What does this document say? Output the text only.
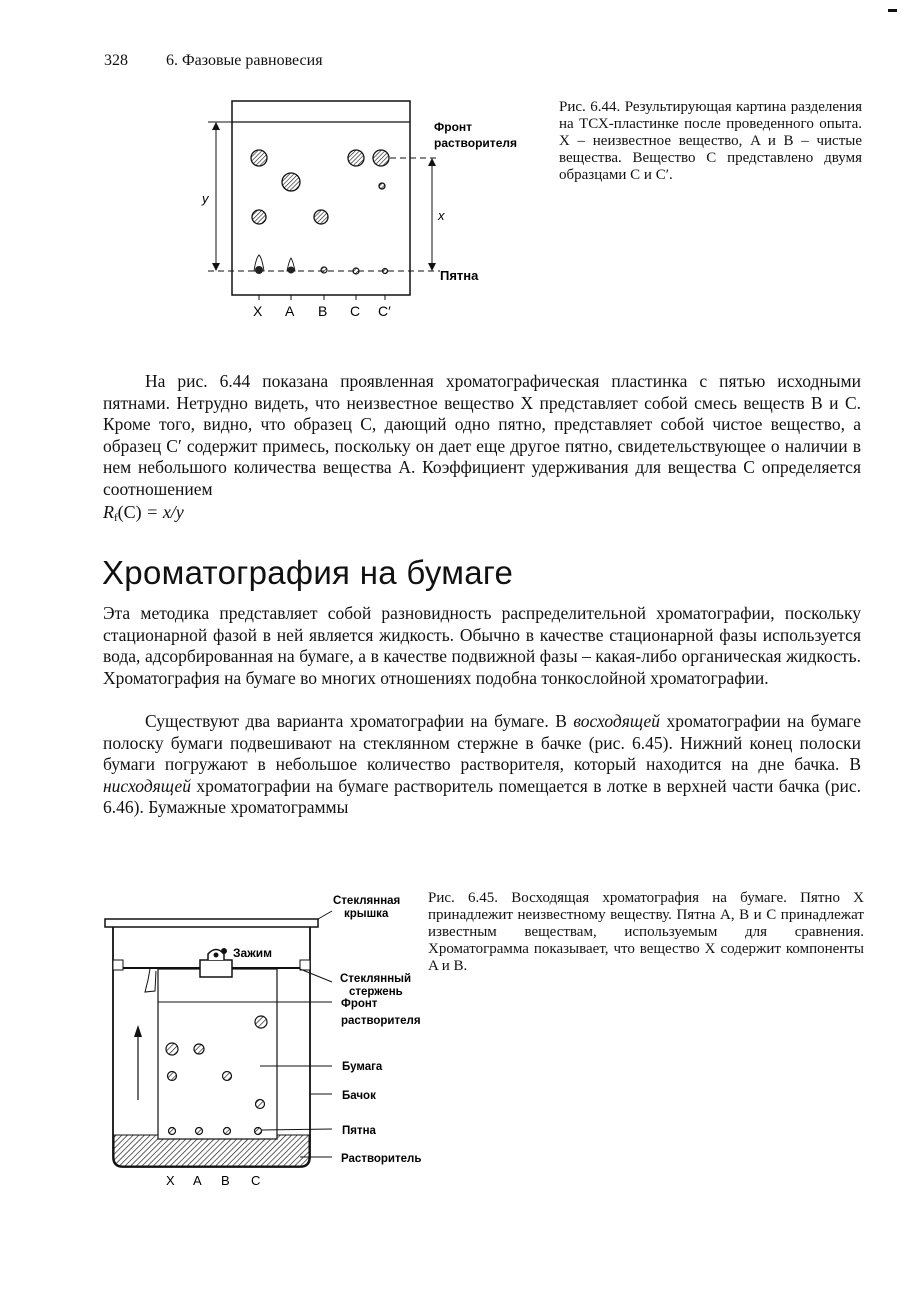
328 6. Фазовые равновесия
y
x
Фронт
растворителя
Пятна
X A B C C′
Рис. 6.44. Результирующая картина разделения на ТСХ-пластинке после проведенного опыта. X – неизвестное вещество, A и B – чистые вещества. Вещество C представлено двумя образцами C и C′.

На рис. 6.44 показана проявленная хроматографическая пластинка с пятью исходными пятнами. Нетрудно видеть, что неизвестное вещество X представляет собой смесь веществ B и C. Кроме того, видно, что образец C, дающий одно пятно, представляет собой чистое вещество, а образец C′ содержит примесь, поскольку он дает еще другое пятно, свидетельствующее о наличии в нем небольшого количества вещества A. Коэффициент удерживания для вещества C определяется соотношением

$R_f(C) = x/y$
Хроматография на бумаге

Эта методика представляет собой разновидность распределительной хроматографии, поскольку стационарной фазой в ней является жидкость. Обычно в качестве стационарной фазы используется вода, адсорбированная на бумаге, а в качестве подвижной фазы – какая-либо органическая жидкость. Хроматография на бумаге во многих отношениях подобна тонкослойной хроматографии.

Существуют два варианта хроматографии на бумаге. В восходящей хроматографии на бумаге полоску бумаги подвешивают на стеклянном стержне в бачке (рис. 6.45). Нижний конец полоски бумаги погружают в небольшое количество растворителя, который находится на дне бачка. В нисходящей хроматографии на бумаге растворитель помещается в лотке в верхней части бачка (рис. 6.46). Бумажные хроматограммы

Стеклянная
крышка
Зажим
Стеклянный
стержень
Фронт
растворителя
Бумага
Бачок
Пятна
Растворитель
X A B C
Рис. 6.45. Восходящая хроматография на бумаге. Пятно X принадлежит неизвестному веществу. Пятна A, B и C принадлежат известным веществам, используемым для сравнения. Хроматограмма показывает, что вещество X содержит компоненты A и B.
